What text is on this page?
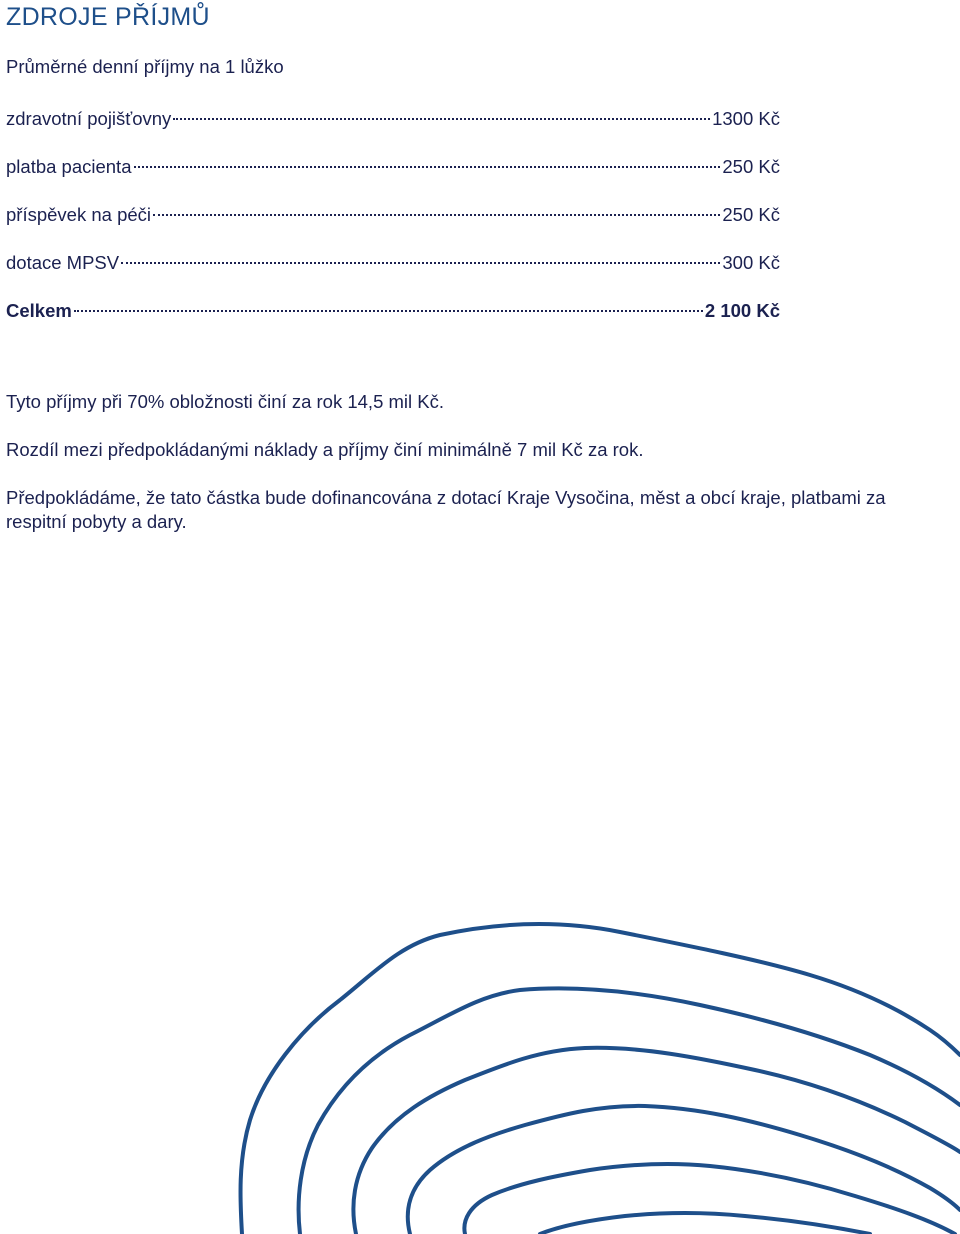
ZDROJE PŘÍJMŮ
Průměrné denní příjmy na 1 lůžko
zdravotní pojišťovny	1300 Kč
platba pacienta	250 Kč
příspěvek na péči	250 Kč
dotace MPSV	300 Kč
Celkem	2 100 Kč

Tyto příjmy při 70% obložnosti činí za rok 14,5 mil Kč.

Rozdíl mezi předpokládanými náklady a příjmy činí minimálně 7 mil Kč za rok.

Předpokládáme, že tato částka bude dofinancována z dotací Kraje Vysočina, měst a obcí kraje, platbami za respitní pobyty a dary.
